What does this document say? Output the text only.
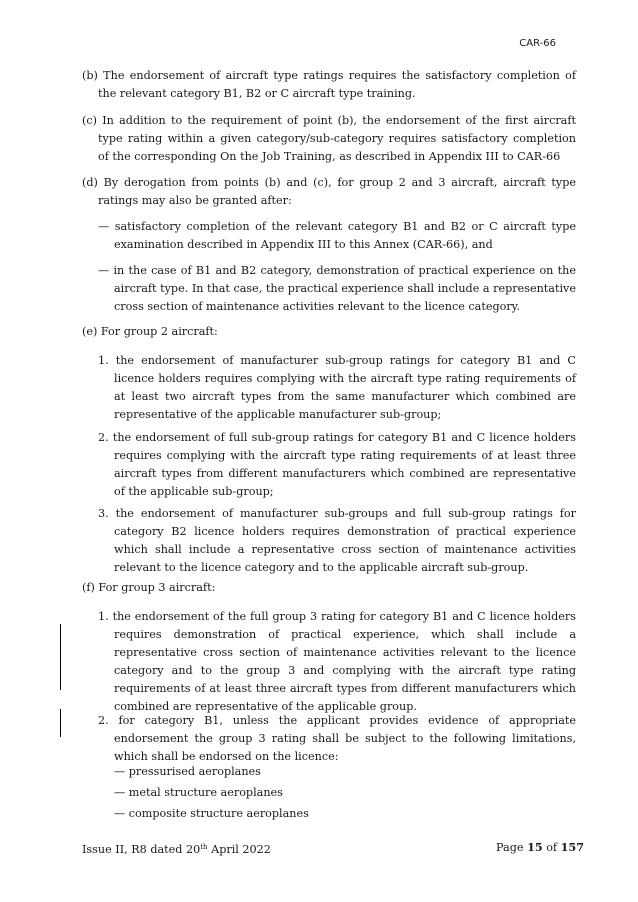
CAR-66
(b) The endorsement of aircraft type ratings requires the satisfactory completion of the relevant category B1, B2 or C aircraft type training.
(c) In addition to the requirement of point (b), the endorsement of the first aircraft type rating within a given category/sub-category requires satisfactory completion of the corresponding On the Job Training, as described in Appendix III to CAR-66
(d) By derogation from points (b) and (c), for group 2 and 3 aircraft, aircraft type ratings may also be granted after:
— satisfactory completion of the relevant category B1 and B2 or C aircraft type examination described in Appendix III to this Annex (CAR-66), and
— in the case of B1 and B2 category, demonstration of practical experience on the aircraft type. In that case, the practical experience shall include a representative cross section of maintenance activities relevant to the licence category.
(e) For group 2 aircraft:
1. the endorsement of manufacturer sub-group ratings for category B1 and C licence holders requires complying with the aircraft type rating requirements of at least two aircraft types from the same manufacturer which combined are representative of the applicable manufacturer sub-group;
2. the endorsement of full sub-group ratings for category B1 and C licence holders requires complying with the aircraft type rating requirements of at least three aircraft types from different manufacturers which combined are representative of the applicable sub-group;
3. the endorsement of manufacturer sub-groups and full sub-group ratings for category B2 licence holders requires demonstration of practical experience which shall include a representative cross section of maintenance activities relevant to the licence category and to the applicable aircraft sub-group.
(f) For group 3 aircraft:
1. the endorsement of the full group 3 rating for category B1 and C licence holders requires demonstration of practical experience, which shall include a representative cross section of maintenance activities relevant to the licence category and to the group 3 and complying with the aircraft type rating requirements of at least three aircraft types from different manufacturers which combined are representative of the applicable group.
2. for category B1, unless the applicant provides evidence of appropriate endorsement the group 3 rating shall be subject to the following limitations, which shall be endorsed on the licence:
— pressurised aeroplanes
— metal structure aeroplanes
— composite structure aeroplanes
Issue II, R8 dated 20th April 2022	Page 15 of 157
